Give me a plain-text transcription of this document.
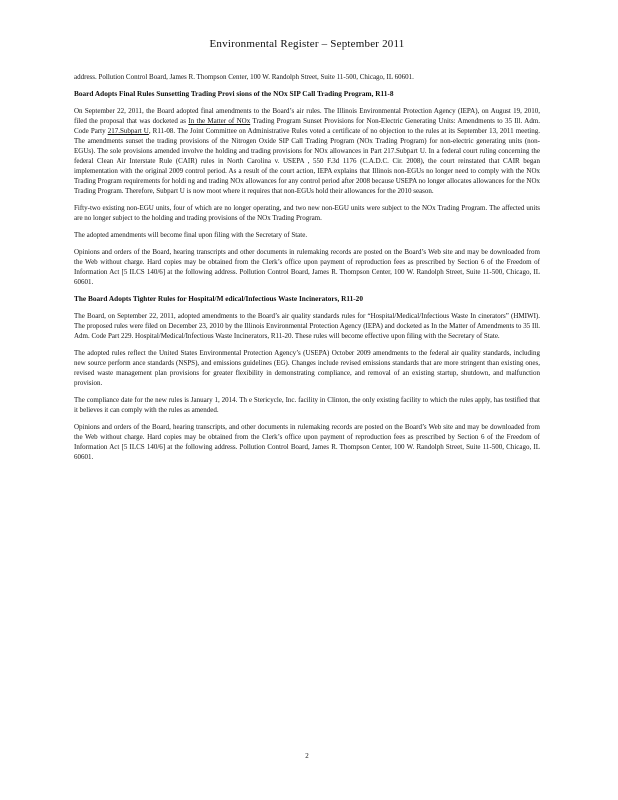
Environmental Register – September 2011

address. Pollution Control Board, James R. Thompson Center, 100 W. Randolph Street, Suite 11-500, Chicago, IL 60601.

Board Adopts Final Rules Sunsetting Trading Provi sions of the NOx SIP Call Trading Program, R11-8

On September 22, 2011, the Board adopted final amendments to the Board’s air rules. The Illinois Environmental Protection Agency (IEPA), on August 19, 2010, filed the proposal that was docketed as In the Matter of NOx Trading Program Sunset Provisions for Non-Electric Generating Units: Amendments to 35 Ill. Adm. Code Party 217.Subpart U, R11-08. The Joint Committee on Administrative Rules voted a certificate of no objection to the rules at its September 13, 2011 meeting. The amendments sunset the trading provisions of the Nitrogen Oxide SIP Call Trading Program (NOx Trading Program) for non-electric generating units (non-EGUs). The sole provisions amended involve the holding and trading provisions for NOx allowances in Part 217.Subpart U. In a federal court ruling concerning the federal Clean Air Interstate Rule (CAIR) rules in North Carolina v. USEPA , 550 F.3d 1176 (C.A.D.C. Cir. 2008), the court reinstated that CAIR began implementation with the original 2009 control period. As a result of the court action, IEPA explains that Illinois non-EGUs no longer need to comply with the NOx Trading Program requirements for holdi ng and trading NOx allowances for any control period after 2008 because USEPA no longer allocates allowances for the NOx Trading Program. Therefore, Subpart U is now moot where it requires that non-EGUs hold their allowances for the 2010 season.

Fifty-two existing non-EGU units, four of which are no longer operating, and two new non-EGU units were subject to the NOx Trading Program. The affected units are no longer subject to the holding and trading provisions of the NOx Trading Program.

The adopted amendments will become final upon filing with the Secretary of State.

Opinions and orders of the Board, hearing transcripts and other documents in rulemaking records are posted on the Board’s Web site and may be downloaded from the Web without charge. Hard copies may be obtained from the Clerk’s office upon payment of reproduction fees as prescribed by Section 6 of the Freedom of Information Act [5 ILCS 140/6] at the following address. Pollution Control Board, James R. Thompson Center, 100 W. Randolph Street, Suite 11-500, Chicago, IL 60601.

The Board Adopts Tighter Rules for Hospital/M edical/Infectious Waste Incinerators, R11-20

The Board, on September 22, 2011, adopted amendments to the Board’s air quality standards rules for “Hospital/Medical/Infectious Waste In cinerators” (HMIWI). The proposed rules were filed on December 23, 2010 by the Illinois Environmental Protection Agency (IEPA) and docketed as In the Matter of Amendments to 35 Ill. Adm. Code Part 229. Hospital/Medical/Infectious Waste Incinerators, R11-20. These rules will become effective upon filing with the Secretary of State.

The adopted rules reflect the United States Environmental Protection Agency’s (USEPA) October 2009 amendments to the federal air quality standards, including new source perform ance standards (NSPS), and emissions guidelines (EG). Changes include revised emissions standards that are more stringent than existing ones, revised waste management plan provisions for greater flexibility in demonstrating compliance, and removal of an existing startup, shutdown, and malfunction provision.

The compliance date for the new rules is January 1, 2014. Th e Stericycle, Inc. facility in Clinton, the only existing facility to which the rules apply, has testified that it believes it can comply with the rules as amended.

Opinions and orders of the Board, hearing transcripts, and other documents in rulemaking records are posted on the Board’s Web site and may be downloaded from the Web without charge. Hard copies may be obtained from the Clerk’s office upon payment of reproduction fees as prescribed by Section 6 of the Freedom of Information Act [5 ILCS 140/6] at the following address. Pollution Control Board, James R. Thompson Center, 100 W. Randolph Street, Suite 11-500, Chicago, IL 60601.

2
